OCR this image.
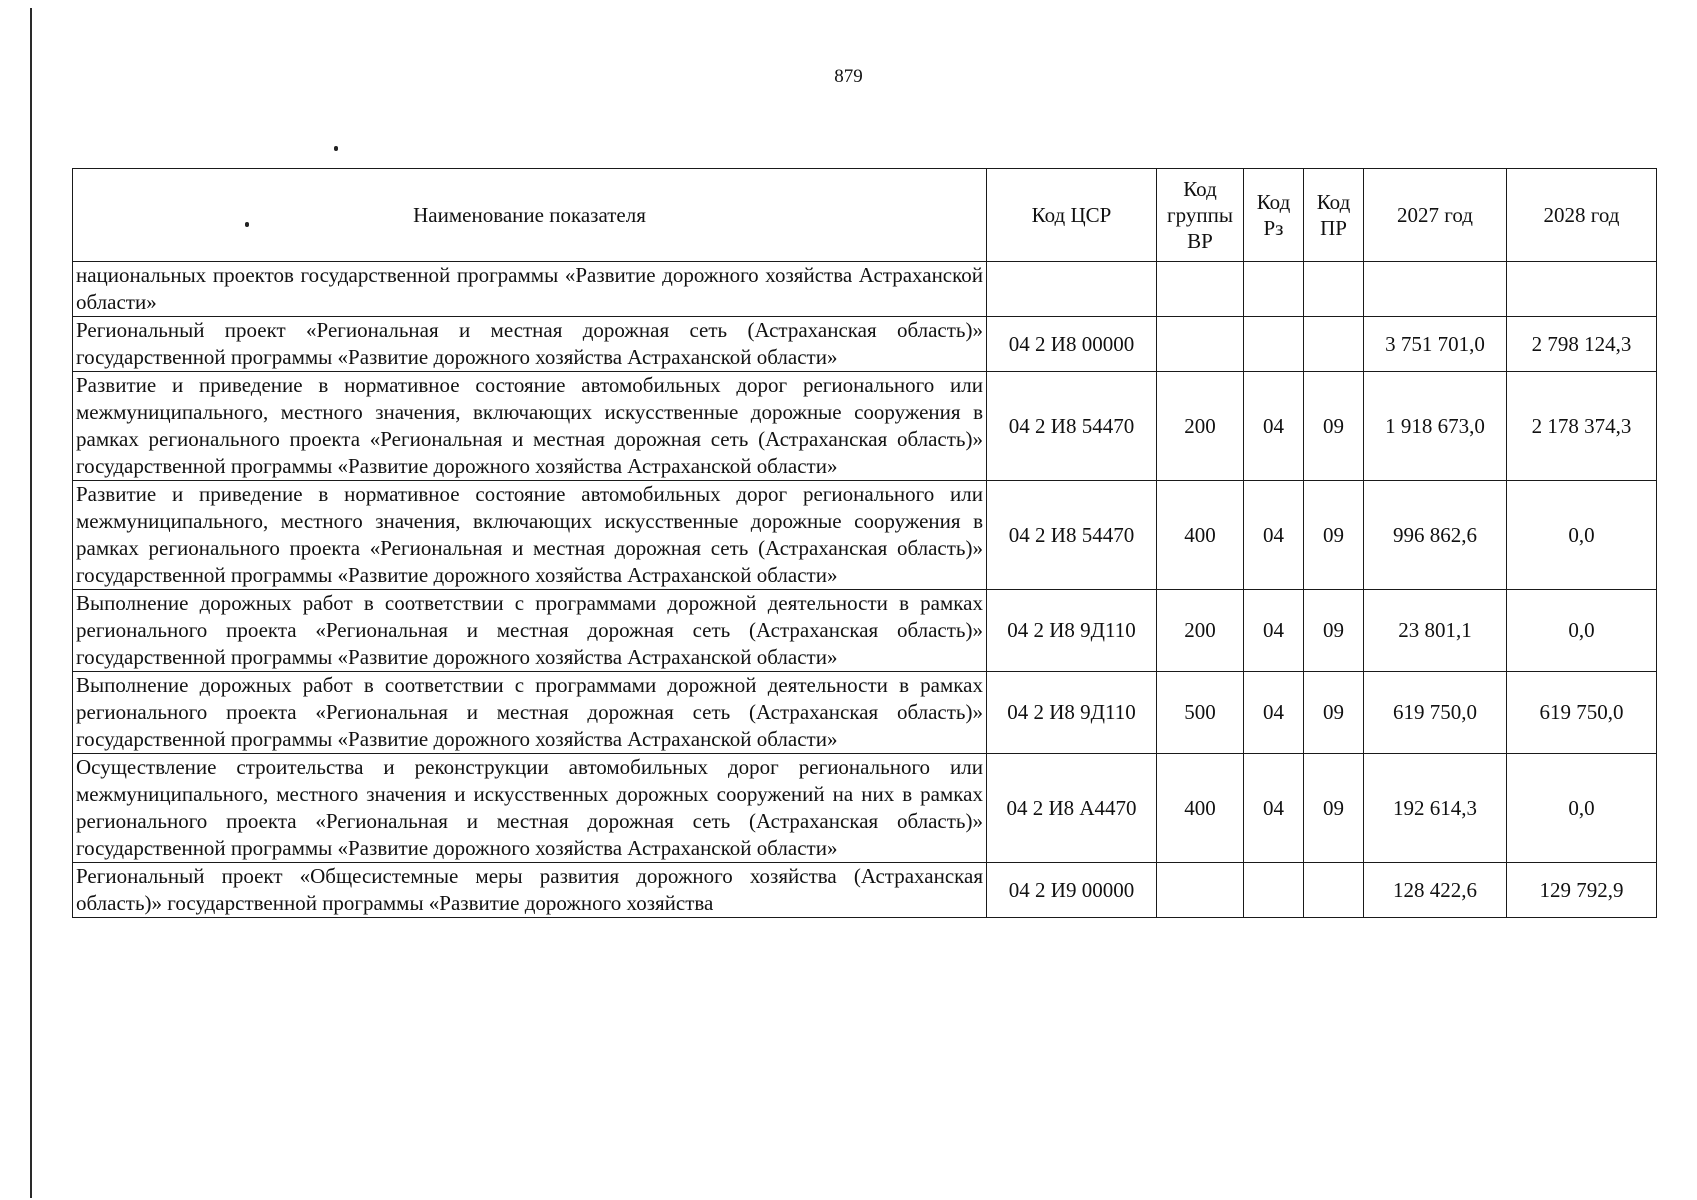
879
Наименование показателя	Код ЦСР	Код группы ВР	Код Рз	Код ПР	2027 год	2028 год
национальных проектов государственной программы «Развитие дорожного хозяйства Астраханской области»						
Региональный проект «Региональная и местная дорожная сеть (Астраханская область)» государственной программы «Развитие дорожного хозяйства Астраханской области»	04 2 И8 00000				3 751 701,0	2 798 124,3
Развитие и приведение в нормативное состояние автомобильных дорог регионального или межмуниципального, местного значения, включающих искусственные дорожные сооружения в рамках регионального проекта «Региональная и местная дорожная сеть (Астраханская область)» государственной программы «Развитие дорожного хозяйства Астраханской области»	04 2 И8 54470	200	04	09	1 918 673,0	2 178 374,3
Развитие и приведение в нормативное состояние автомобильных дорог регионального или межмуниципального, местного значения, включающих искусственные дорожные сооружения в рамках регионального проекта «Региональная и местная дорожная сеть (Астраханская область)» государственной программы «Развитие дорожного хозяйства Астраханской области»	04 2 И8 54470	400	04	09	996 862,6	0,0
Выполнение дорожных работ в соответствии с программами дорожной деятельности в рамках регионального проекта «Региональная и местная дорожная сеть (Астраханская область)» государственной программы «Развитие дорожного хозяйства Астраханской области»	04 2 И8 9Д110	200	04	09	23 801,1	0,0
Выполнение дорожных работ в соответствии с программами дорожной деятельности в рамках регионального проекта «Региональная и местная дорожная сеть (Астраханская область)» государственной программы «Развитие дорожного хозяйства Астраханской области»	04 2 И8 9Д110	500	04	09	619 750,0	619 750,0
Осуществление строительства и реконструкции автомобильных дорог регионального или межмуниципального, местного значения и искусственных дорожных сооружений на них в рамках регионального проекта «Региональная и местная дорожная сеть (Астраханская область)» государственной программы «Развитие дорожного хозяйства Астраханской области»	04 2 И8 А4470	400	04	09	192 614,3	0,0
Региональный проект «Общесистемные меры развития дорожного хозяйства (Астраханская область)» государственной программы «Развитие дорожного хозяйства	04 2 И9 00000				128 422,6	129 792,9
